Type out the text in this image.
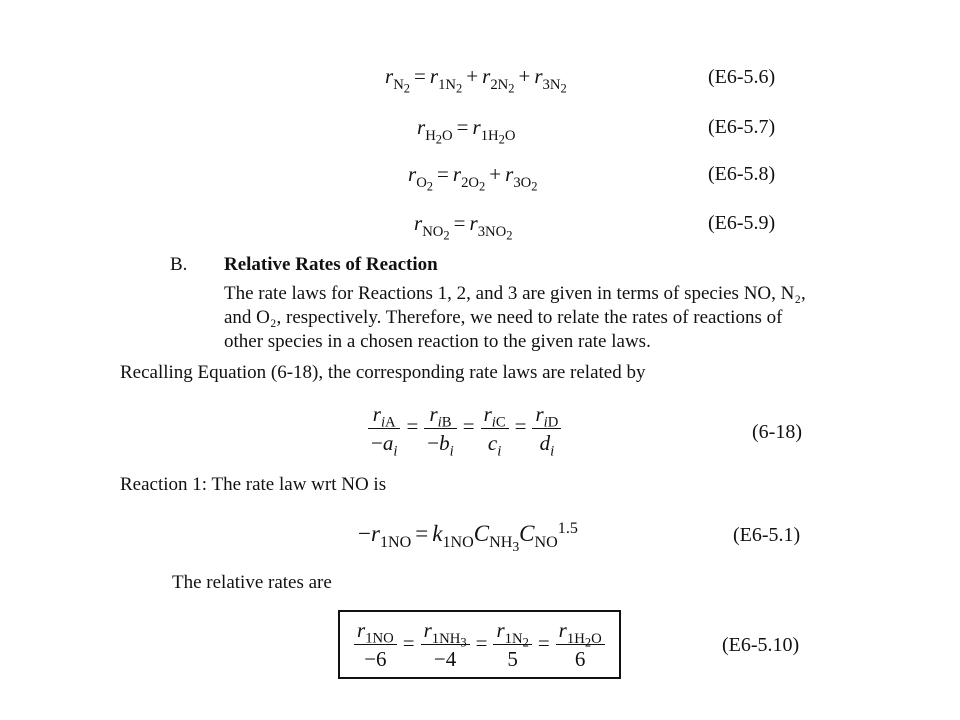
$r_{N_2}= r_{1N_2}+ r_{2N_2}+ r_{3N_2}$
(E6-5.6)
$r_{H_2O} = r_{1H_2O}$	(E6-5.7)
$r_{O_2}= r_{2O_2}+ r_{3O_2}$
(E6-5.8)
$r_{NO_2}= r_{3NO_2}$
(E6-5.9)
B. Relative Rates of Reaction
The rate laws for Reactions 1, 2, and 3 are given in terms of species NO, N₂, and O₂, respectively. Therefore, we need to relate the rates of reactions of other species in a chosen reaction to the given rate laws.
Recalling Equation (6-18), the corresponding rate laws are related by
$\frac{r_{iA}}{-a_i} = \frac{r_{iB}}{-b_i} = \frac{r_{iC}}{c_i} = \frac{r_{iD}}{d_i}$	(6-18)
Reaction 1: The rate law wrt NO is
$-r_{1NO} = k_{1NO}C_{NH_3}C_{NO}^{1.5}$	(E6-5.1)
The relative rates are
$\frac{r_{1NO}}{-6} = \frac{r_{1NH_3}}{-4} = \frac{r_{1N_2}}{5} = \frac{r_{1H_2O}}{6}$	(E6-5.10)
